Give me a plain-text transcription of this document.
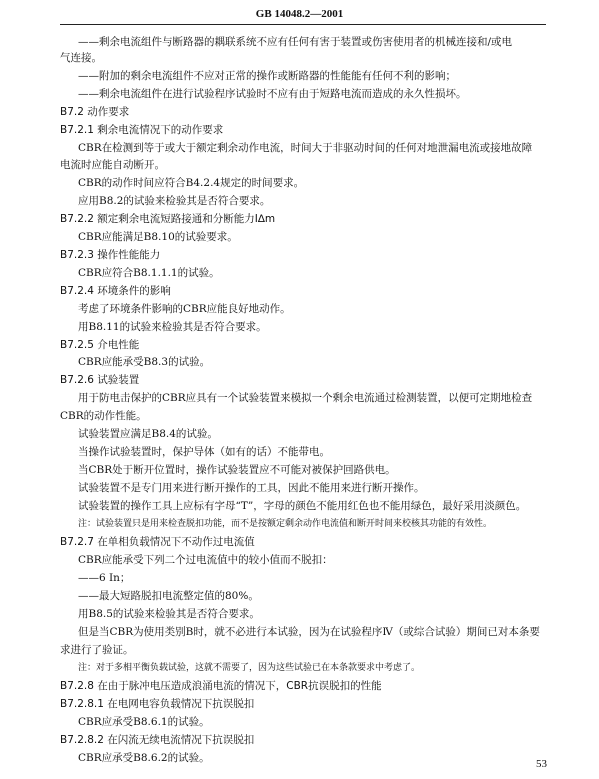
GB 14048.2—2001
——剩余电流组件与断路器的耦联系统不应有任何有害于装置或伤害使用者的机械连接和/或电
气连接。
——附加的剩余电流组件不应对正常的操作或断路器的性能能有任何不利的影响；
——剩余电流组件在进行试验程序试验时不应有由于短路电流而造成的永久性损坏。
B7.2 动作要求
B7.2.1 剩余电流情况下的动作要求
CBR在检测到等于或大于额定剩余动作电流，时间大于非驱动时间的任何对地泄漏电流或接地故障
电流时应能自动断开。
CBR的动作时间应符合B4.2.4规定的时间要求。
应用B8.2的试验来检验其是否符合要求。
B7.2.2 额定剩余电流短路接通和分断能力I∆m
CBR应能满足B8.10的试验要求。
B7.2.3 操作性能能力
CBR应符合B8.1.1.1的试验。
B7.2.4 环境条件的影响
考虑了环境条件影响的CBR应能良好地动作。
用B8.11的试验来检验其是否符合要求。
B7.2.5 介电性能
CBR应能承受B8.3的试验。
B7.2.6 试验装置
用于防电击保护的CBR应具有一个试验装置来模拟一个剩余电流通过检测装置，以便可定期地检查
CBR的动作性能。
试验装置应满足B8.4的试验。
当操作试验装置时，保护导体（如有的话）不能带电。
当CBR处于断开位置时，操作试验装置应不可能对被保护回路供电。
试验装置不是专门用来进行断开操作的工具，因此不能用来进行断开操作。
试验装置的操作工具上应标有字母“T”，字母的颜色不能用红色也不能用绿色，最好采用淡颜色。
注：试验装置只是用来检查脱扣功能，而不是按额定剩余动作电流值和断开时间来校核其功能的有效性。
B7.2.7 在单相负载情况下不动作过电流值
CBR应能承受下列二个过电流值中的较小值而不脱扣：
——6 In；
——最大短路脱扣电流整定值的80%。
用B8.5的试验来检验其是否符合要求。
但是当CBR为使用类别B时，就不必进行本试验，因为在试验程序Ⅳ（或综合试验）期间已对本条要
求进行了验证。
注：对于多相平衡负载试验，这就不需要了，因为这些试验已在本条款要求中考虑了。
B7.2.8 在由于脉冲电压造成浪涌电流的情况下，CBR抗误脱扣的性能
B7.2.8.1 在电网电容负载情况下抗误脱扣
CBR应承受B8.6.1的试验。
B7.2.8.2 在闪流无续电流情况下抗误脱扣
CBR应承受B8.6.2的试验。	53
